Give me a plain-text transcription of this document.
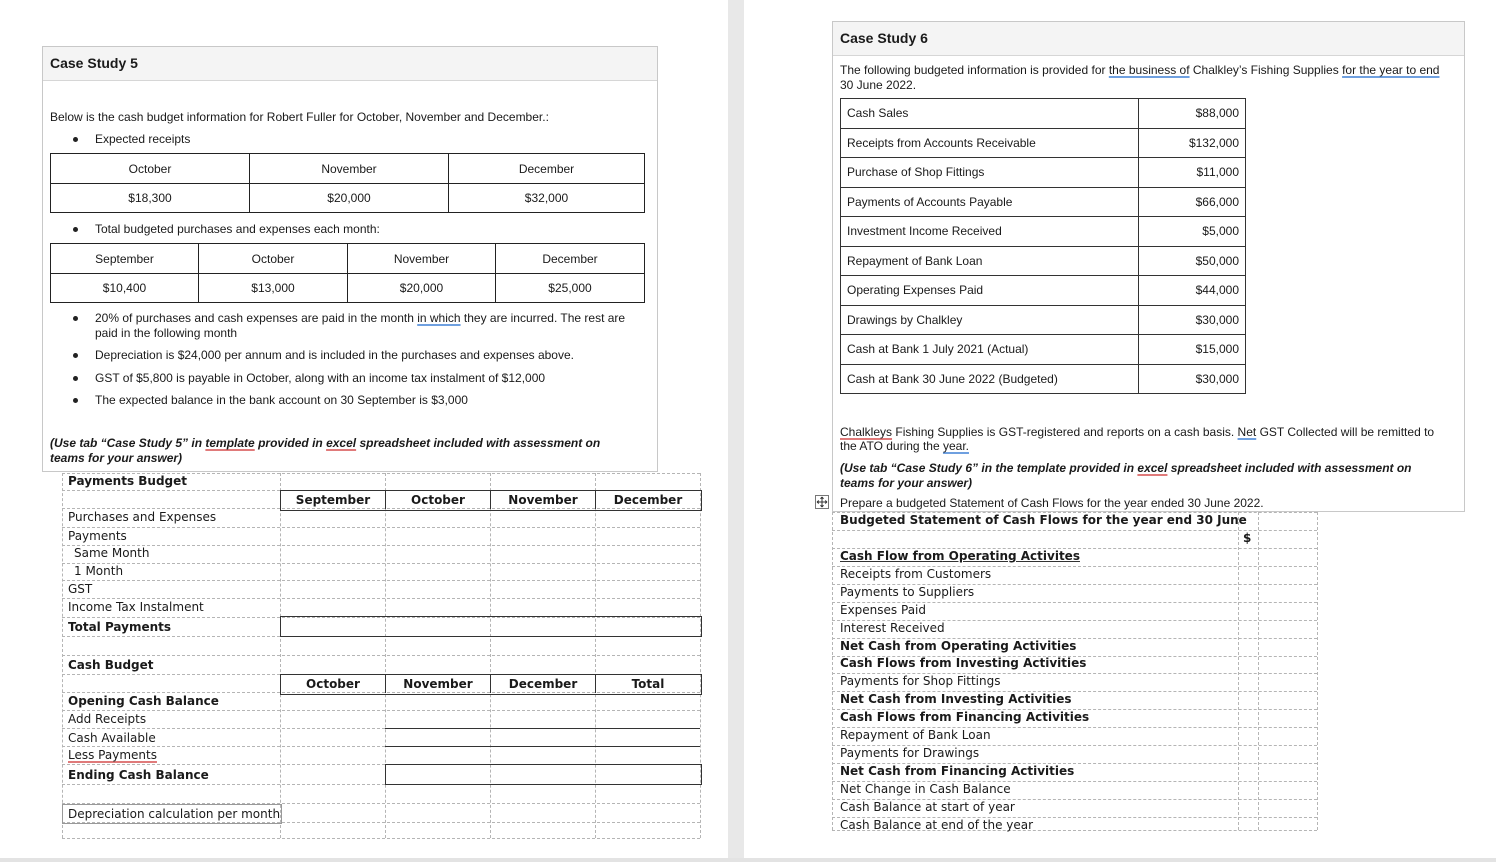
Case Study 5
Below is the cash budget information for Robert Fuller for October, November and December.:
Expected receipts
October	November	December
$18,300	$20,000	$32,000
Total budgeted purchases and expenses each month:
September	October	November	December
$10,400	$13,000	$20,000	$25,000
20% of purchases and cash expenses are paid in the month in which they are incurred. The rest are
paid in the following month
Depreciation is $24,000 per annum and is included in the purchases and expenses above.
GST of $5,800 is payable in October, along with an income tax instalment of $12,000
The expected balance in the bank account on 30 September is $3,000
(Use tab “Case Study 5” in template provided in excel spreadsheet included with assessment on
teams for your answer)
Payments Budget
September	October	November	December
Purchases and Expenses
Payments
Same Month
1 Month
GST
Income Tax Instalment
Total Payments
Cash Budget
October	November	December	Total
Opening Cash Balance
Add Receipts
Cash Available
Less Payments
Ending Cash Balance
Depreciation calculation per month
Case Study 6
The following budgeted information is provided for the business of Chalkley’s Fishing Supplies for the year to end
30 June 2022.
Cash Sales	$88,000
Receipts from Accounts Receivable	$132,000
Purchase of Shop Fittings	$11,000
Payments of Accounts Payable	$66,000
Investment Income Received	$5,000
Repayment of Bank Loan	$50,000
Operating Expenses Paid	$44,000
Drawings by Chalkley	$30,000
Cash at Bank 1 July 2021 (Actual)	$15,000
Cash at Bank 30 June 2022 (Budgeted)	$30,000
Chalkleys Fishing Supplies is GST-registered and reports on a cash basis. Net GST Collected will be remitted to
the ATO during the year.
(Use tab “Case Study 6” in the template provided in excel spreadsheet included with assessment on
teams for your answer)
Prepare a budgeted Statement of Cash Flows for the year ended 30 June 2022.
Budgeted Statement of Cash Flows for the year end 30 June
$
Cash Flow from Operating Activites
Receipts from Customers
Payments to Suppliers
Expenses Paid
Interest Received
Net Cash from Operating Activities
Cash Flows from Investing Activities
Payments for Shop Fittings
Net Cash from Investing Activities
Cash Flows from Financing Activities
Repayment of Bank Loan
Payments for Drawings
Net Cash from Financing Activities
Net Change in Cash Balance
Cash Balance at start of year
Cash Balance at end of the year
